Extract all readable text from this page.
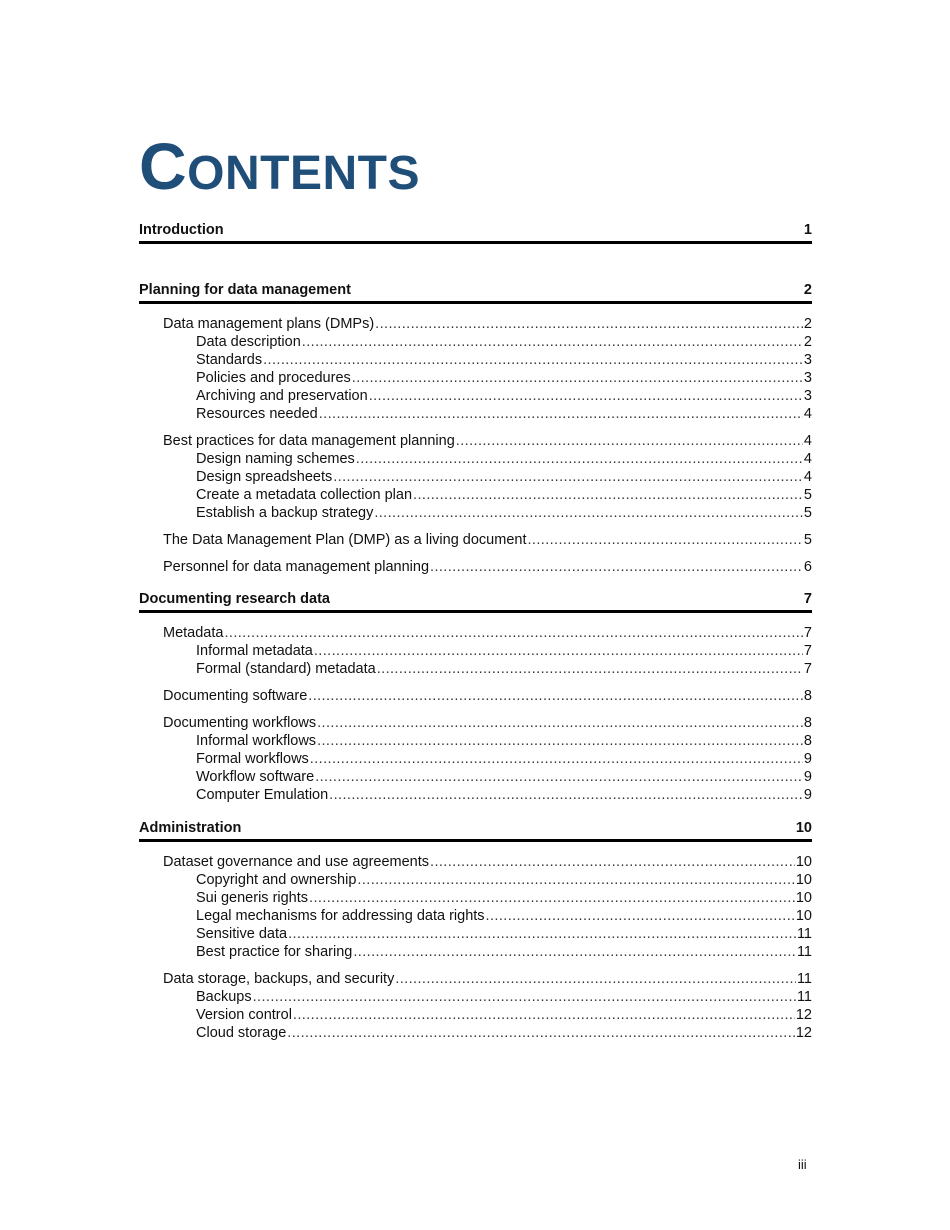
CONTENTS
Introduction	1
Planning for data management	2
Data management plans (DMPs) .....	2
Data description .....	2
Standards .....	3
Policies and procedures .....	3
Archiving and preservation .....	3
Resources needed .....	4
Best practices for data management planning .....	4
Design naming schemes .....	4
Design spreadsheets .....	4
Create a metadata collection plan .....	5
Establish a backup strategy .....	5
The Data Management Plan (DMP) as a living document .....	5
Personnel for data management planning .....	6
Documenting research data	7
Metadata .....	7
Informal metadata .....	7
Formal (standard) metadata .....	7
Documenting software .....	8
Documenting workflows .....	8
Informal workflows .....	8
Formal workflows .....	9
Workflow software .....	9
Computer Emulation .....	9
Administration	10
Dataset governance and use agreements .....	10
Copyright and ownership .....	10
Sui generis rights .....	10
Legal mechanisms for addressing data rights .....	10
Sensitive data .....	11
Best practice for sharing .....	11
Data storage, backups, and security .....	11
Backups .....	11
Version control .....	12
Cloud storage .....	12
iii
